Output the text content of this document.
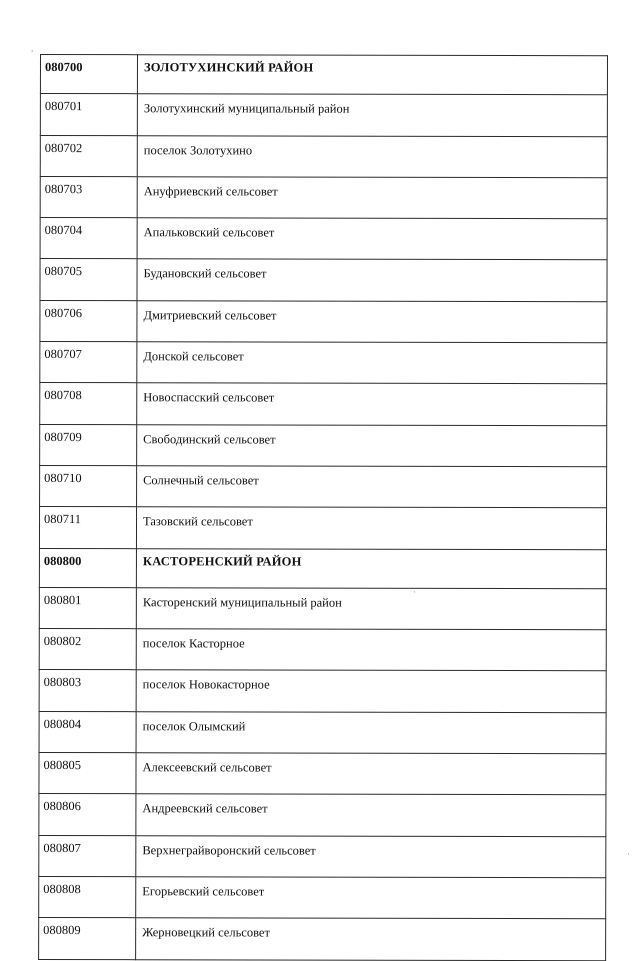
080700	ЗОЛОТУХИНСКИЙ РАЙОН
080701	Золотухинский муниципальный район
080702	поселок Золотухино
080703	Ануфриевский сельсовет
080704	Апальковский сельсовет
080705	Будановский сельсовет
080706	Дмитриевский сельсовет
080707	Донской сельсовет
080708	Новоспасский сельсовет
080709	Свободинский сельсовет
080710	Солнечный сельсовет
080711	Тазовский сельсовет
080800	КАСТОРЕНСКИЙ РАЙОН
080801	Касторенский муниципальный район
080802	поселок Касторное
080803	поселок Новокасторное
080804	поселок Олымский
080805	Алексеевский сельсовет
080806	Андреевский сельсовет
080807	Верхнеграйворонский сельсовет
080808	Егорьевский сельсовет
080809	Жерновецкий сельсовет
,
·
·
